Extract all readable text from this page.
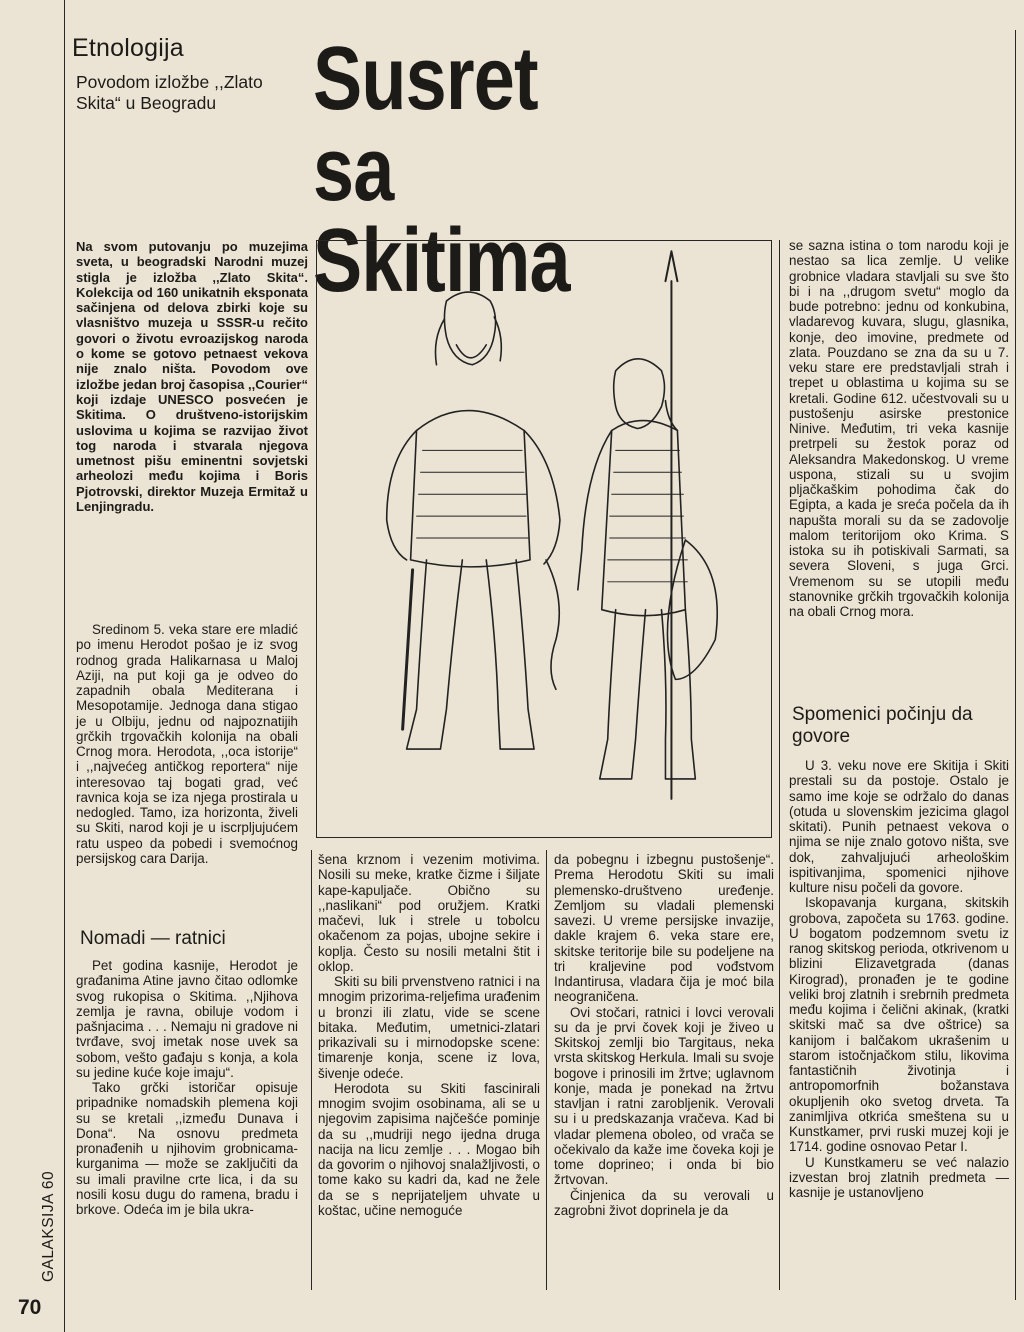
Etnologija
Povodom izložbe ,,Zlato Skita“ u Beogradu	Susret
sa Skitima
Na svom putovanju po muzejima sveta, u beogradski Narodni muzej stigla je izložba ,,Zlato Skita“. Kolekcija od 160 unikatnih eksponata sačinjena od delova zbirki koje su vlasništvo muzeja u SSSR-u rečito govori o životu evroazijskog naroda o kome se gotovo petnaest vekova nije znalo ništa. Povodom ove izložbe jedan broj časopisa ,,Courier“ koji izdaje UNESCO posvećen je Skitima. O društveno-istorijskim uslovima u kojima se razvijao život tog naroda i stvarala njegova umetnost pišu eminentni sovjetski arheolozi među kojima i Boris Pjotrovski, direktor Muzeja Ermitaž u Lenjingradu.

Sredinom 5. veka stare ere mladić po imenu Herodot pošao je iz svog rodnog grada Halikarnasa u Maloj Aziji, na put koji ga je odveo do zapadnih obala Mediterana i Mesopotamije. Jednoga dana stigao je u Olbiju, jednu od najpoznatijih grčkih trgovačkih kolonija na obali Crnog mora. Herodota, ,,oca istorije“ i ,,najvećeg antičkog reportera“ nije interesovao taj bogati grad, već ravnica koja se iza njega prostirala u nedogled. Tamo, iza horizonta, živeli su Skiti, narod koji je u iscrpljujućem ratu uspeo da pobedi i svemoćnog persijskog cara Darija.

Nomadi — ratnici

Pet godina kasnije, Herodot je građanima Atine javno čitao odlomke svog rukopisa o Skitima. ,,Njihova zemlja je ravna, obiluje vodom i pašnjacima . . . Nemaju ni gradove ni tvrđave, svoj imetak nose uvek sa sobom, vešto gađaju s konja, a kola su jedine kuće koje imaju“.

Tako grčki istoričar opisuje pripadnike nomadskih plemena koji su se kretali ,,između Dunava i Dona“. Na osnovu predmeta pronađenih u njihovim grobnicama-kurganima — može se zaključiti da su imali pravilne crte lica, i da su nosili kosu dugu do ramena, bradu i brkove. Odeća im je bila ukra-

šena krznom i vezenim motivima. Nosili su meke, kratke čizme i šiljate kape-kapuljače. Obično su ,,naslikani“ pod oružjem. Kratki mačevi, luk i strele u tobolcu okačenom za pojas, ubojne sekire i koplja. Često su nosili metalni štit i oklop.

Skiti su bili prvenstveno ratnici i na mnogim prizorima-reljefima urađenim u bronzi ili zlatu, vide se scene bitaka. Međutim, umetnici-zlatari prikazivali su i mirnodopske scene: timarenje konja, scene iz lova, šivenje odeće.

Herodota su Skiti fascinirali mnogim svojim osobinama, ali se u njegovim zapisima najčešće pominje da su ,,mudriji nego ijedna druga nacija na licu zemlje . . . Mogao bih da govorim o njihovoj snalažljivosti, o tome kako su kadri da, kad ne žele da se s neprijateljem uhvate u koštac, učine nemoguće

da pobegnu i izbegnu pustošenje“. Prema Herodotu Skiti su imali plemensko-društveno uređenje. Zemljom su vladali plemenski savezi. U vreme persijske invazije, dakle krajem 6. veka stare ere, skitske teritorije bile su podeljene na tri kraljevine pod vođstvom Indantirusa, vladara čija je moć bila neograničena.

Ovi stočari, ratnici i lovci verovali su da je prvi čovek koji je živeo u Skitskoj zemlji bio Targitaus, neka vrsta skitskog Herkula. Imali su svoje bogove i prinosili im žrtve; uglavnom konje, mada je ponekad na žrtvu stavljan i ratni zarobljenik. Verovali su i u predskazanja vračeva. Kad bi vladar plemena oboleo, od vrača se očekivalo da kaže ime čoveka koji je tome doprineo; i onda bi bio žrtvovan.

Činjenica da su verovali u zagrobni život doprinela je da

se sazna istina o tom narodu koji je nestao sa lica zemlje. U velike grobnice vladara stavljali su sve što bi i na ,,drugom svetu“ moglo da bude potrebno: jednu od konkubina, vladarevog kuvara, slugu, glasnika, konje, deo imovine, predmete od zlata. Pouzdano se zna da su u 7. veku stare ere predstavljali strah i trepet u oblastima u kojima su se kretali. Godine 612. učestvovali su u pustošenju asirske prestonice Ninive. Međutim, tri veka kasnije pretrpeli su žestok poraz od Aleksandra Makedonskog. U vreme uspona, stizali su u svojim pljačkaškim pohodima čak do Egipta, a kada je sreća počela da ih napušta morali su da se zadovolje malom teritorijom oko Krima. S istoka su ih potiskivali Sarmati, sa severa Sloveni, s juga Grci. Vremenom su se utopili među stanovnike grčkih trgovačkih kolonija na obali Crnog mora.

Spomenici počinju da govore

U 3. veku nove ere Skitija i Skiti prestali su da postoje. Ostalo je samo ime koje se održalo do danas (otuda u slovenskim jezicima glagol skitati). Punih petnaest vekova o njima se nije znalo gotovo ništa, sve dok, zahvaljujući arheološkim ispitivanjima, spomenici njihove kulture nisu počeli da govore.

Iskopavanja kurgana, skitskih grobova, započeta su 1763. godine. U bogatom podzemnom svetu iz ranog skitskog perioda, otkrivenom u blizini Elizavetgrada (danas Kirograd), pronađen je te godine veliki broj zlatnih i srebrnih predmeta među kojima i čelični akinak, (kratki skitski mač sa dve oštrice) sa kanijom i balčakom ukrašenim u starom istočnjačkom stilu, likovima fantastičnih životinja i antropomorfnih božanstava okupljenih oko svetog drveta. Ta zanimljiva otkrića smeštena su u Kunstkamer, prvi ruski muzej koji je 1714. godine osnovao Petar I.

U Kunstkameru se već nalazio izvestan broj zlatnih predmeta — kasnije je ustanovljeno

GALAKSIJA 60
70
